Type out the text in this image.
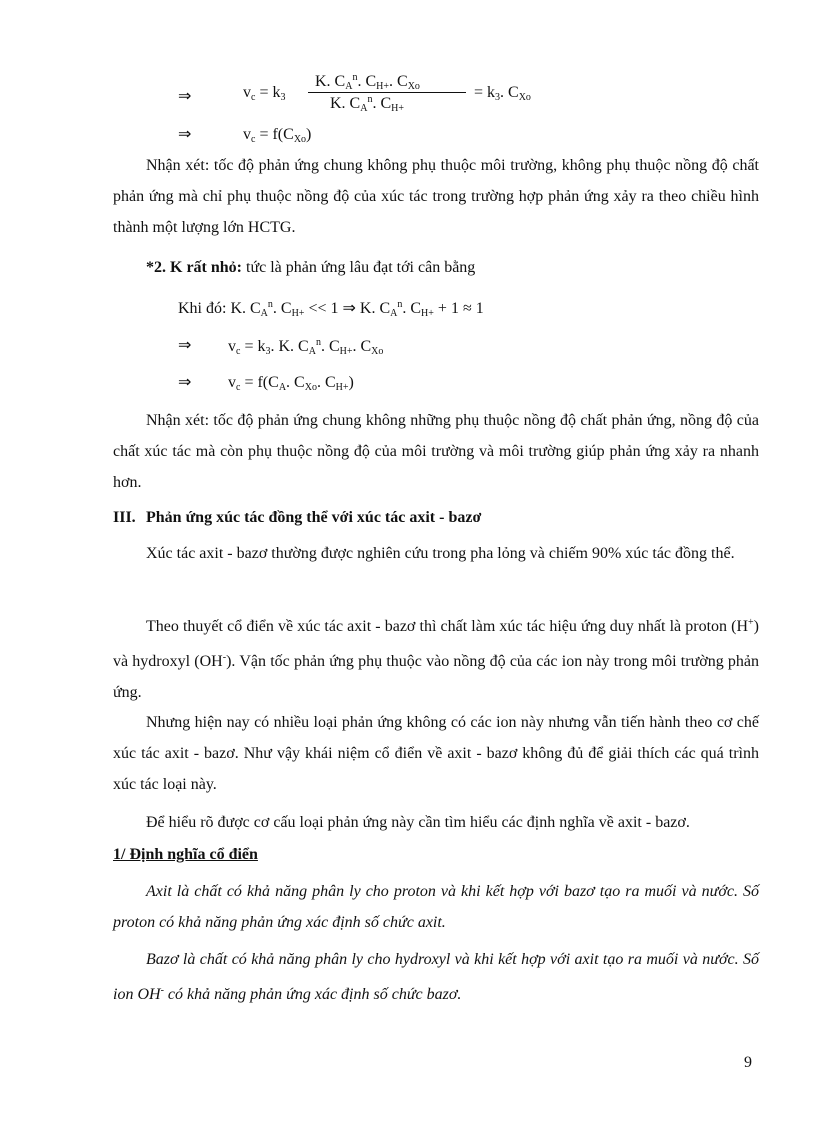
⇒	$v_c = k_3$
K. $C_A^n$. $C_{H+}$. $C_{Xo}$
K. $C_A^n$. $C_{H+}$
= $k_3$. $C_{Xo}$
⇒	$v_c = f(C_{Xo})$

Nhận xét: tốc độ phản ứng chung không phụ thuộc môi trường, không phụ thuộc nồng độ chất phản ứng mà chỉ phụ thuộc nồng độ của xúc tác trong trường hợp phản ứng xảy ra theo chiều hình thành một lượng lớn HCTG.

*2. K rất nhỏ: tức là phản ứng lâu đạt tới cân bằng
Khi đó: K. $C_A^n$. $C_{H+} << 1$ ⇒ K. $C_A^n$. $C_{H+} + 1 \approx 1$
⇒ $v_c = k_3$. K. $C_A^n$. $C_{H+}$. $C_{Xo}$
⇒ $v_c = f(C_A$. $C_{Xo}$. $C_{H+}$)

Nhận xét: tốc độ phản ứng chung không những phụ thuộc nồng độ chất phản ứng, nồng độ của chất xúc tác mà còn phụ thuộc nồng độ của môi trường và môi trường giúp phản ứng xảy ra nhanh hơn.

III. Phản ứng xúc tác đồng thể với xúc tác axit - bazơ

Xúc tác axit - bazơ thường được nghiên cứu trong pha lỏng và chiếm 90% xúc tác đồng thể.

Theo thuyết cổ điển về xúc tác axit - bazơ thì chất làm xúc tác hiệu ứng duy nhất là proton (H+) và hydroxyl (OH-). Vận tốc phản ứng phụ thuộc vào nồng độ của các ion này trong môi trường phản ứng.

Nhưng hiện nay có nhiều loại phản ứng không có các ion này nhưng vẫn tiến hành theo cơ chế xúc tác axit - bazơ. Như vậy khái niệm cổ điển về axit - bazơ không đủ để giải thích các quá trình xúc tác loại này.

Để hiểu rõ được cơ cấu loại phản ứng này cần tìm hiểu các định nghĩa về axit - bazơ.

1/ Định nghĩa cổ điển

Axit là chất có khả năng phân ly cho proton và khi kết hợp với bazơ tạo ra muối và nước. Số proton có khả năng phản ứng xác định số chức axit.

Bazơ là chất có khả năng phân ly cho hydroxyl và khi kết hợp với axit tạo ra muối và nước. Số ion OH- có khả năng phản ứng xác định số chức bazơ.

9
